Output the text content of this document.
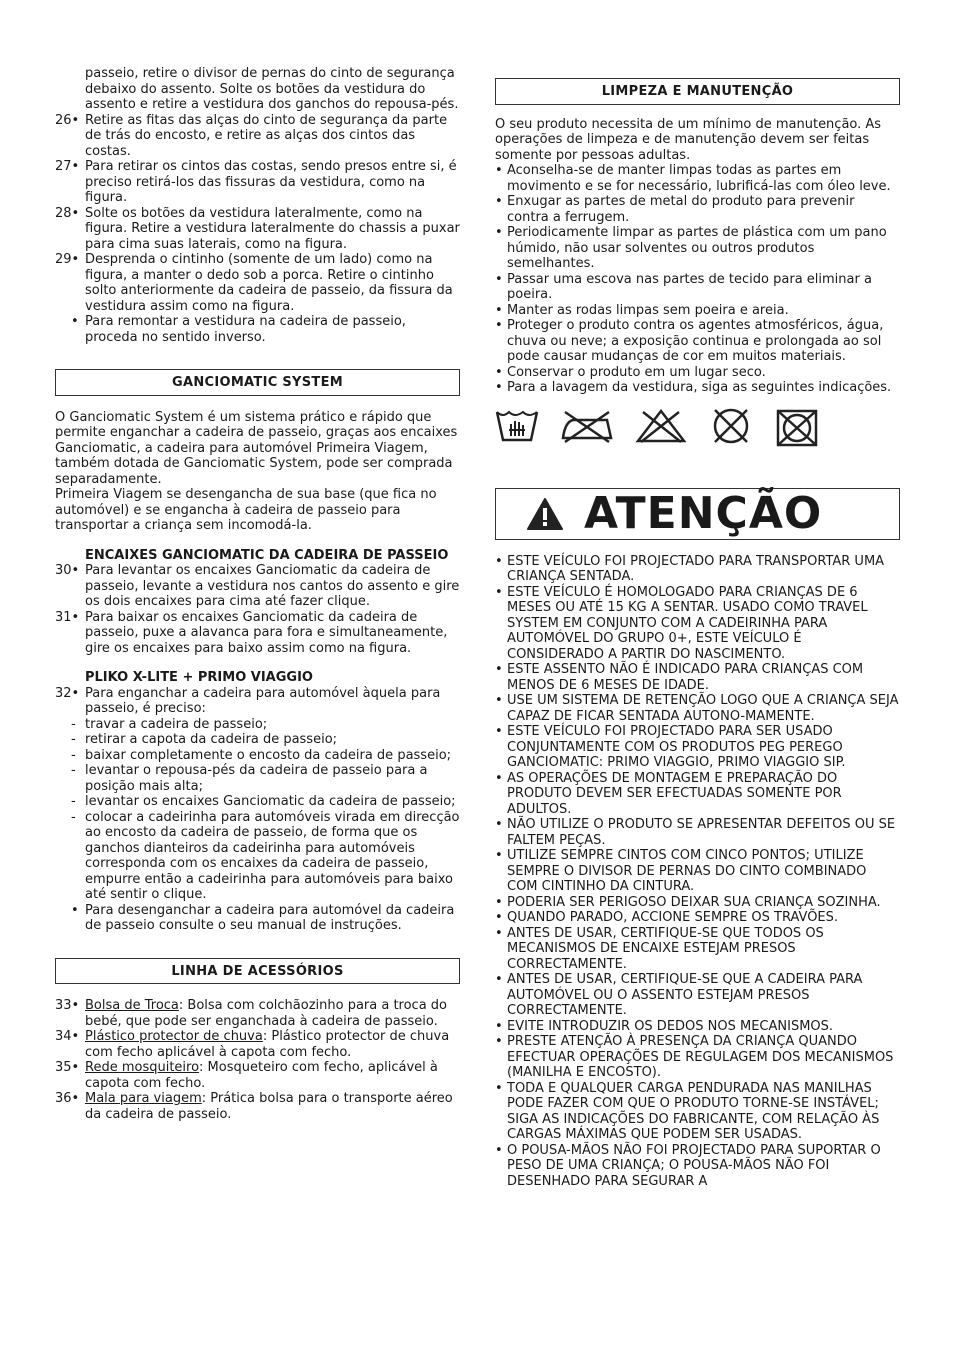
passeio, retire o divisor de pernas do cinto de segurança debaixo do assento. Solte os botões da vestidura do assento e retire a vestidura dos ganchos do repousa-pés.
26• Retire as fitas das alças do cinto de segurança da parte de trás do encosto, e retire as alças dos cintos das costas.
27• Para retirar os cintos das costas, sendo presos entre si, é preciso retirá-los das fissuras da vestidura, como na figura.
28• Solte os botões da vestidura lateralmente, como na figura. Retire a vestidura lateralmente do chassis a puxar para cima suas laterais, como na figura.
29• Desprenda o cintinho (somente de um lado) como na figura, a manter o dedo sob a porca. Retire o cintinho solto anteriormente da cadeira de passeio, da fissura da vestidura assim como na figura.
• Para remontar a vestidura na cadeira de passeio, proceda no sentido inverso.
GANCIOMATIC SYSTEM
O Ganciomatic System é um sistema prático e rápido que permite enganchar a cadeira de passeio, graças aos encaixes Ganciomatic, a cadeira para automóvel Primeira Viagem, também dotada de Ganciomatic System, pode ser comprada separadamente.
Primeira Viagem se desengancha de sua base (que fica no automóvel) e se engancha à cadeira de passeio para transportar a criança sem incomodá-la.
ENCAIXES GANCIOMATIC DA CADEIRA DE PASSEIO
30• Para levantar os encaixes Ganciomatic da cadeira de passeio, levante a vestidura nos cantos do assento e gire os dois encaixes para cima até fazer clique.
31• Para baixar os encaixes Ganciomatic da cadeira de passeio, puxe a alavanca para fora e simultaneamente, gire os encaixes para baixo assim como na figura.
PLIKO X-LITE + PRIMO VIAGGIO
32• Para enganchar a cadeira para automóvel àquela para passeio, é preciso:
- travar a cadeira de passeio;
- retirar a capota da cadeira de passeio;
- baixar completamente o encosto da cadeira de passeio;
- levantar o repousa-pés da cadeira de passeio para a posição mais alta;
- levantar os encaixes Ganciomatic da cadeira de passeio;
- colocar a cadeirinha para automóveis virada em direcção ao encosto da cadeira de passeio, de forma que os ganchos dianteiros da cadeirinha para automóveis corresponda com os encaixes da cadeira de passeio, empurre então a cadeirinha para automóveis para baixo até sentir o clique.
• Para desenganchar a cadeira para automóvel da cadeira de passeio consulte o seu manual de instruções.
LINHA DE ACESSÓRIOS
33• Bolsa de Troca: Bolsa com colchãozinho para a troca do bebé, que pode ser enganchada à cadeira de passeio.
34• Plástico protector de chuva: Plástico protector de chuva com fecho aplicável à capota com fecho.
35• Rede mosquiteiro: Mosqueteiro com fecho, aplicável à capota com fecho.
36• Mala para viagem: Prática bolsa para o transporte aéreo da cadeira de passeio.
LIMPEZA E MANUTENÇÃO
O seu produto necessita de um mínimo de manutenção. As operações de limpeza e de manutenção devem ser feitas somente por pessoas adultas.
• Aconselha-se de manter limpas todas as partes em movimento e se for necessário, lubrificá-las com óleo leve.
• Enxugar as partes de metal do produto para prevenir contra a ferrugem.
• Periodicamente limpar as partes de plástica com um pano húmido, não usar solventes ou outros produtos semelhantes.
• Passar uma escova nas partes de tecido para eliminar a poeira.
• Manter as rodas limpas sem poeira e areia.
• Proteger o produto contra os agentes atmosféricos, água, chuva ou neve; a exposição continua e prolongada ao sol pode causar mudanças de cor em muitos materiais.
• Conservar o produto em um lugar seco.
• Para a lavagem da vestidura, siga as seguintes indicações.
ATENÇÃO
• ESTE VEÍCULO FOI PROJECTADO PARA TRANSPORTAR UMA CRIANÇA SENTADA.
• ESTE VEÍCULO É HOMOLOGADO PARA CRIANÇAS DE 6 MESES OU ATÉ 15 KG A SENTAR. USADO COMO TRAVEL SYSTEM EM CONJUNTO COM A CADEIRINHA PARA AUTOMÓVEL DO GRUPO 0+, ESTE VEÍCULO É CONSIDERADO A PARTIR DO NASCIMENTO.
• ESTE ASSENTO NÃO É INDICADO PARA CRIANÇAS COM MENOS DE 6 MESES DE IDADE.
• USE UM SISTEMA DE RETENÇÃO LOGO QUE A CRIANÇA SEJA CAPAZ DE FICAR SENTADA AUTONO-MAMENTE.
• ESTE VEÍCULO FOI PROJECTADO PARA SER USADO CONJUNTAMENTE COM OS PRODUTOS PEG PEREGO GANCIOMATIC: PRIMO VIAGGIO, PRIMO VIAGGIO SIP.
• AS OPERAÇÕES DE MONTAGEM E PREPARAÇÃO DO PRODUTO DEVEM SER EFECTUADAS SOMENTE POR ADULTOS.
• NÃO UTILIZE O PRODUTO SE APRESENTAR DEFEITOS OU SE FALTEM PEÇAS.
• UTILIZE SEMPRE CINTOS COM CINCO PONTOS; UTILIZE SEMPRE O DIVISOR DE PERNAS DO CINTO COMBINADO COM CINTINHO DA CINTURA.
• PODERIA SER PERIGOSO DEIXAR SUA CRIANÇA SOZINHA.
• QUANDO PARADO, ACCIONE SEMPRE OS TRAVÕES.
• ANTES DE USAR, CERTIFIQUE-SE QUE TODOS OS MECANISMOS DE ENCAIXE ESTEJAM PRESOS CORRECTAMENTE.
• ANTES DE USAR, CERTIFIQUE-SE QUE A CADEIRA PARA AUTOMÓVEL OU O ASSENTO ESTEJAM PRESOS CORRECTAMENTE.
• EVITE INTRODUZIR OS DEDOS NOS MECANISMOS.
• PRESTE ATENÇÃO À PRESENÇA DA CRIANÇA QUANDO EFECTUAR OPERAÇÕES DE REGULAGEM DOS MECANISMOS (MANILHA E ENCOSTO).
• TODA E QUALQUER CARGA PENDURADA NAS MANILHAS PODE FAZER COM QUE O PRODUTO TORNE-SE INSTÁVEL; SIGA AS INDICAÇÕES DO FABRICANTE, COM RELAÇÃO ÀS CARGAS MÁXIMAS QUE PODEM SER USADAS.
• O POUSA-MÃOS NÃO FOI PROJECTADO PARA SUPORTAR O PESO DE UMA CRIANÇA; O POUSA-MÃOS NÃO FOI DESENHADO PARA SEGURAR A
